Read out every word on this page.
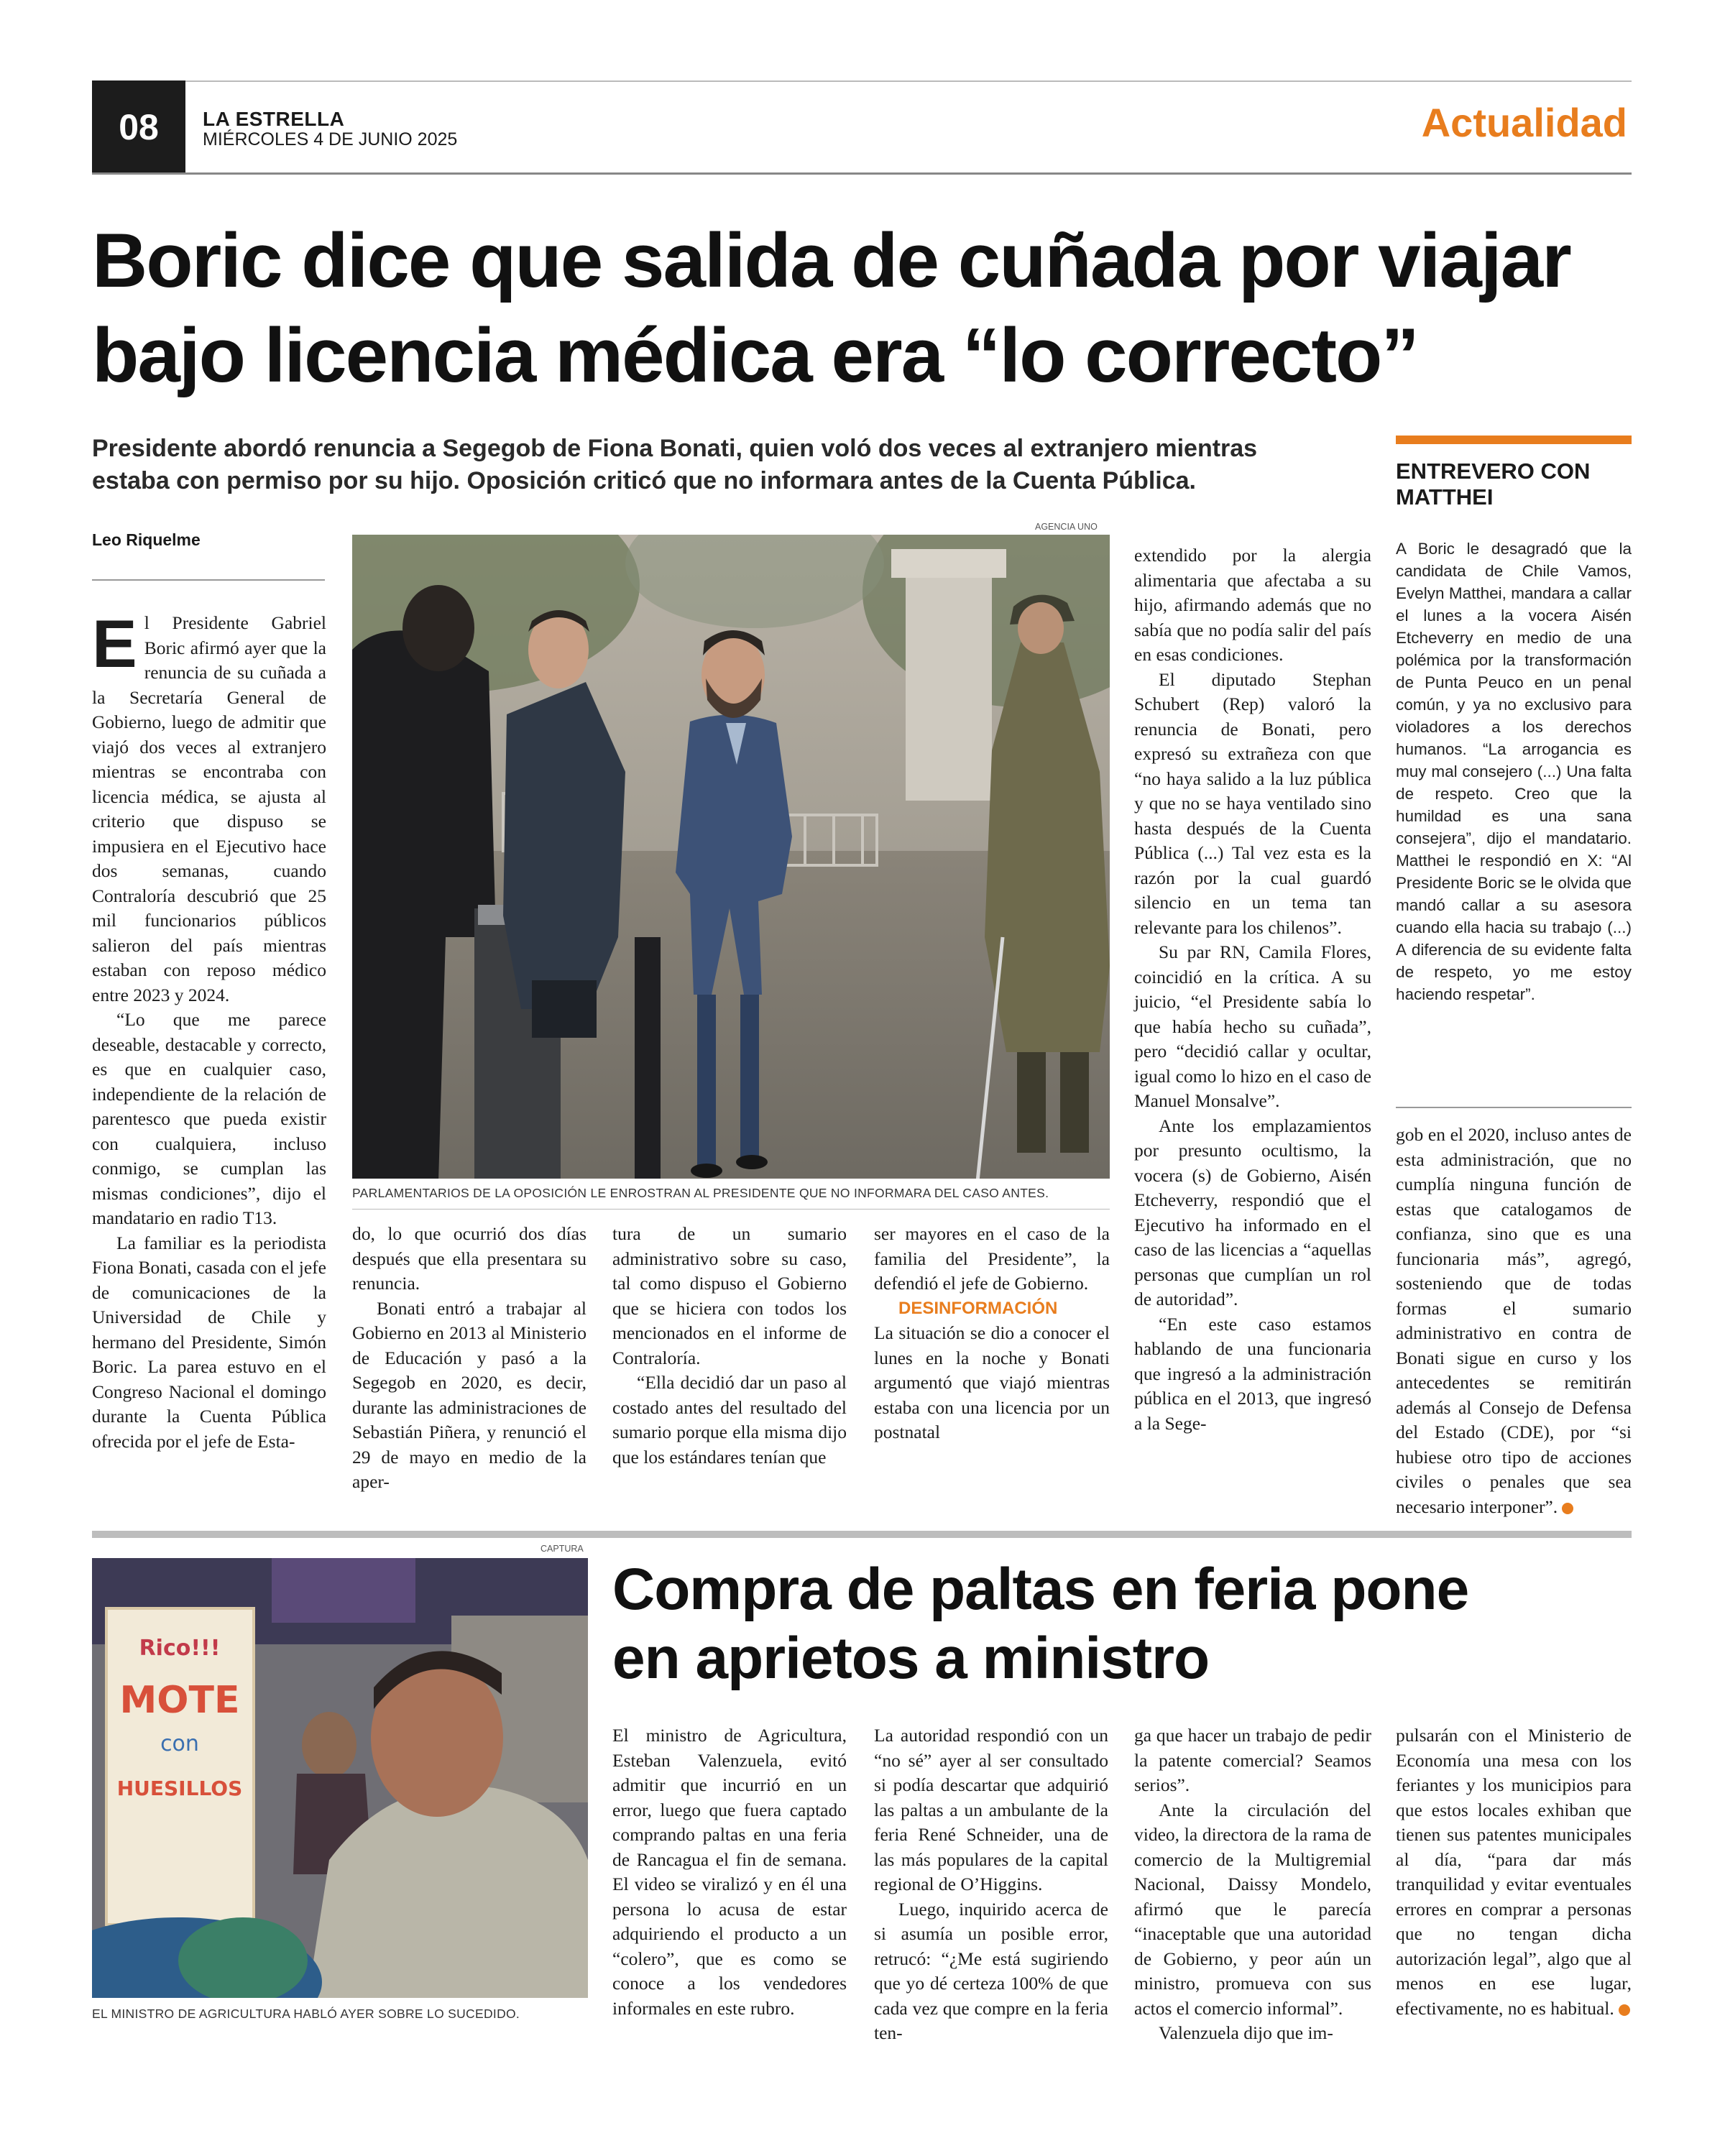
08 LA ESTRELLA
MIÉRCOLES 4 DE JUNIO 2025	Actualidad
Boric dice que salida de cuñada por viajar bajo licencia médica era “lo correcto”
Presidente abordó renuncia a Segegob de Fiona Bonati, quien voló dos veces al extranjero mientras estaba con permiso por su hijo. Oposición criticó que no informara antes de la Cuenta Pública.
Leo Riquelme

El Presidente Gabriel Boric afirmó ayer que la renuncia de su cuñada a la Secretaría General de Gobierno, luego de admitir que viajó dos veces al extranjero mientras se encontraba con licencia médica, se ajusta al criterio que dispuso se impusiera en el Ejecutivo hace dos semanas, cuando Contraloría descubrió que 25 mil funcionarios públicos salieron del país mientras estaban con reposo médico entre 2023 y 2024.

“Lo que me parece deseable, destacable y correcto, es que en cualquier caso, independiente de la relación de parentesco que pueda existir con cualquiera, incluso conmigo, se cumplan las mismas condiciones”, dijo el mandatario en radio T13.

La familiar es la periodista Fiona Bonati, casada con el jefe de comunicaciones de la Universidad de Chile y hermano del Presidente, Simón Boric. La parea estuvo en el Congreso Nacional el domingo durante la Cuenta Pública ofrecida por el jefe de Esta-

AGENCIA UNO
PARLAMENTARIOS DE LA OPOSICIÓN LE ENROSTRAN AL PRESIDENTE QUE NO INFORMARA DEL CASO ANTES.

do, lo que ocurrió dos días después que ella presentara su renuncia.

Bonati entró a trabajar al Gobierno en 2013 al Ministerio de Educación y pasó a la Segegob en 2020, es decir, durante las administraciones de Sebastián Piñera, y renunció el 29 de mayo en medio de la aper-

tura de un sumario administrativo sobre su caso, tal como dispuso el Gobierno que se hiciera con todos los mencionados en el informe de Contraloría.

“Ella decidió dar un paso al costado antes del resultado del sumario porque ella misma dijo que los estándares tenían que

ser mayores en el caso de la familia del Presidente”, la defendió el jefe de Gobierno.

DESINFORMACIÓN

La situación se dio a conocer el lunes en la noche y Bonati argumentó que viajó mientras estaba con una licencia por un postnatal

extendido por la alergia alimentaria que afectaba a su hijo, afirmando además que no sabía que no podía salir del país en esas condiciones.

El diputado Stephan Schubert (Rep) valoró la renuncia de Bonati, pero expresó su extrañeza con que “no haya salido a la luz pública y que no se haya ventilado sino hasta después de la Cuenta Pública (...) Tal vez esta es la razón por la cual guardó silencio en un tema tan relevante para los chilenos”.

Su par RN, Camila Flores, coincidió en la crítica. A su juicio, “el Presidente sabía lo que había hecho su cuñada”, pero “decidió callar y ocultar, igual como lo hizo en el caso de Manuel Monsalve”.

Ante los emplazamientos por presunto ocultismo, la vocera (s) de Gobierno, Aisén Etcheverry, respondió que el Ejecutivo ha informado en el caso de las licencias a “aquellas personas que cumplían un rol de autoridad”.

“En este caso estamos hablando de una funcionaria que ingresó a la administración pública en el 2013, que ingresó a la Sege-

ENTREVERO CON MATTHEI
A Boric le desagradó que la candidata de Chile Vamos, Evelyn Matthei, mandara a callar el lunes a la vocera Aisén Etcheverry en medio de una polémica por la transformación de Punta Peuco en un penal común, y ya no exclusivo para violadores a los derechos humanos. “La arrogancia es muy mal consejero (...) Una falta de respeto. Creo que la humildad es una sana consejera”, dijo el mandatario. Matthei le respondió en X: “Al Presidente Boric se le olvida que mandó callar a su asesora cuando ella hacia su trabajo (...) A diferencia de su evidente falta de respeto, yo me estoy haciendo respetar”.

gob en el 2020, incluso antes de esta administración, que no cumplía ninguna función de estas que catalogamos de confianza, sino que es una funcionaria más”, agregó, sosteniendo que de todas formas el sumario administrativo en contra de Bonati sigue en curso y los antecedentes se remitirán además al Consejo de Defensa del Estado (CDE), por “si hubiese otro tipo de acciones civiles o penales que sea necesario interponer”.

CAPTURA
Rico!!!
MOTE
con
HUESILLOS
EL MINISTRO DE AGRICULTURA HABLÓ AYER SOBRE LO SUCEDIDO.
Compra de paltas en feria pone en aprietos a ministro

El ministro de Agricultura, Esteban Valenzuela, evitó admitir que incurrió en un error, luego que fuera captado comprando paltas en una feria de Rancagua el fin de semana. El video se viralizó y en él una persona lo acusa de estar adquiriendo el producto a un “colero”, que es como se conoce a los vendedores informales en este rubro.

La autoridad respondió con un “no sé” ayer al ser consultado si podía descartar que adquirió las paltas a un ambulante de la feria René Schneider, una de las más populares de la capital regional de O’Higgins.

Luego, inquirido acerca de si asumía un posible error, retrucó: “¿Me está sugiriendo que yo dé certeza 100% de que cada vez que compre en la feria ten-

ga que hacer un trabajo de pedir la patente comercial? Seamos serios”.

Ante la circulación del video, la directora de la rama de comercio de la Multigremial Nacional, Daissy Mondelo, afirmó que le parecía “inaceptable que una autoridad de Gobierno, y peor aún un ministro, promueva con sus actos el comercio informal”.

Valenzuela dijo que im-

pulsarán con el Ministerio de Economía una mesa con los feriantes y los municipios para que estos locales exhiban que tienen sus patentes municipales al día, “para dar más tranquilidad y evitar eventuales errores en comprar a personas que no tengan dicha autorización legal”, algo que al menos en ese lugar, efectivamente, no es habitual.
